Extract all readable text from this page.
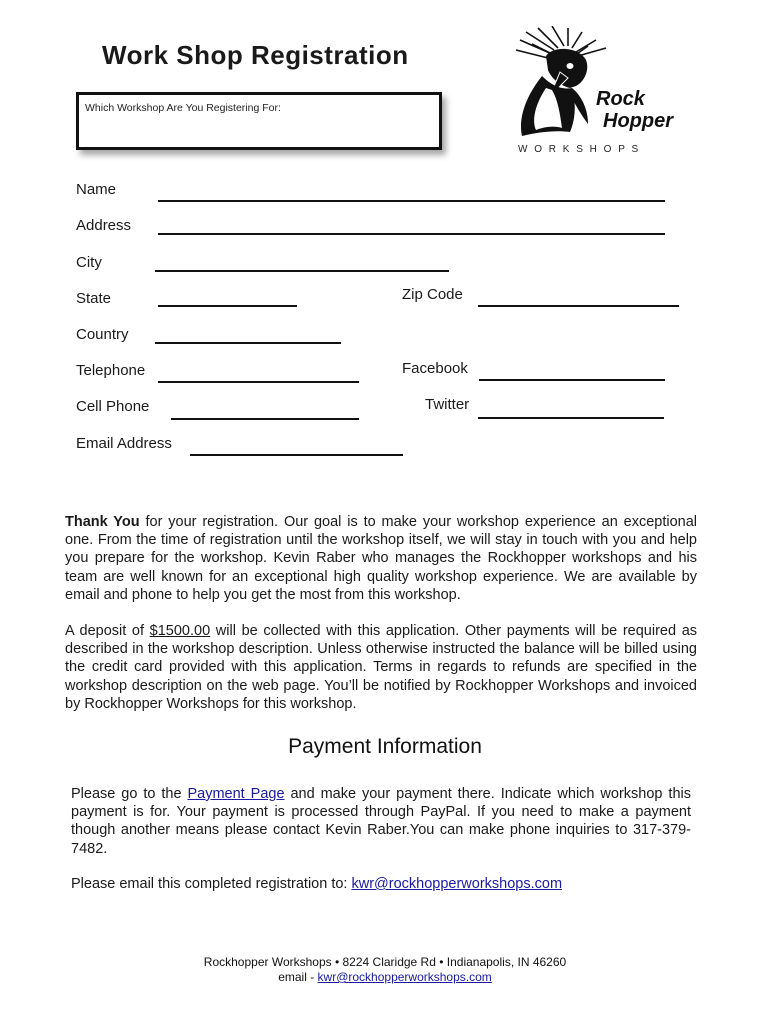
Work Shop Registration
Which Workshop Are You Registering For:	Rock
Hopper
W O R K S H O P S
Name
Address
City
State	Zip Code
Country
Telephone	Facebook
Cell Phone	Twitter
Email Address
Thank You for your registration. Our goal is to make your workshop experience an exceptional one. From the time of registration until the workshop itself, we will stay in touch with you and help you prepare for the workshop. Kevin Raber who manages the Rockhopper workshops and his team are well known for an exceptional high quality workshop experience. We are available by email and phone to help you get the most from this workshop.
A deposit of $1500.00 will be collected with this application. Other payments will be required as described in the workshop description. Unless otherwise instructed the balance will be billed using the credit card provided with this application. Terms in regards to refunds are specified in the workshop description on the web page. You’ll be notified by Rockhopper Workshops and invoiced by Rockhopper Workshops for this workshop.
Payment Information
Please go to the Payment Page and make your payment there. Indicate which workshop this payment is for. Your payment is processed through PayPal. If you need to make a payment though another means please contact Kevin Raber.You can make phone inquiries to 317-379-7482.
Please email this completed registration to: kwr@rockhopperworkshops.com
Rockhopper Workshops • 8224 Claridge Rd • Indianapolis, IN 46260
email - kwr@rockhopperworkshops.com
